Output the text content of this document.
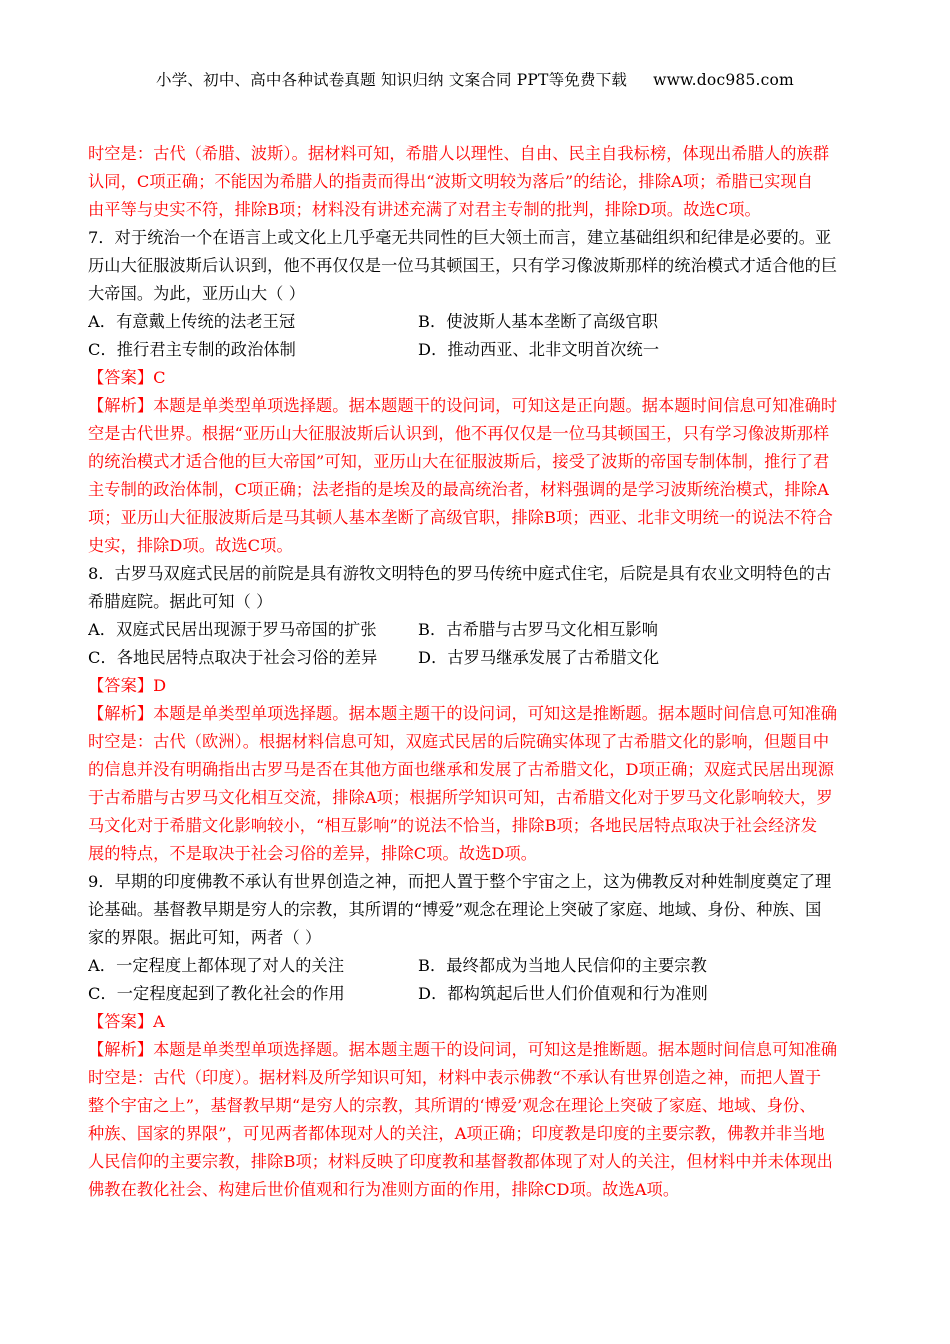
小学、初中、高中各种试卷真题 知识归纳 文案合同 PPT等免费下载 www.doc985.com
时空是：古代（希腊、波斯）。据材料可知，希腊人以理性、自由、民主自我标榜，体现出希腊人的族群
认同，C项正确；不能因为希腊人的指责而得出“波斯文明较为落后”的结论，排除A项；希腊已实现自
由平等与史实不符，排除B项；材料没有讲述充满了对君主专制的批判，排除D项。故选C项。
7．对于统治一个在语言上或文化上几乎毫无共同性的巨大领土而言，建立基础组织和纪律是必要的。亚
历山大征服波斯后认识到，他不再仅仅是一位马其顿国王，只有学习像波斯那样的统治模式才适合他的巨
大帝国。为此，亚历山大（ ）
A．有意戴上传统的法老王冠	B．使波斯人基本垄断了高级官职
C．推行君主专制的政治体制	D．推动西亚、北非文明首次统一
【答案】C
【解析】本题是单类型单项选择题。据本题题干的设问词，可知这是正向题。据本题时间信息可知准确时
空是古代世界。根据“亚历山大征服波斯后认识到，他不再仅仅是一位马其顿国王，只有学习像波斯那样
的统治模式才适合他的巨大帝国”可知，亚历山大在征服波斯后，接受了波斯的帝国专制体制，推行了君
主专制的政治体制，C项正确；法老指的是埃及的最高统治者，材料强调的是学习波斯统治模式，排除A
项；亚历山大征服波斯后是马其顿人基本垄断了高级官职，排除B项；西亚、北非文明统一的说法不符合
史实，排除D项。故选C项。
8．古罗马双庭式民居的前院是具有游牧文明特色的罗马传统中庭式住宅，后院是具有农业文明特色的古
希腊庭院。据此可知（ ）
A．双庭式民居出现源于罗马帝国的扩张	B．古希腊与古罗马文化相互影响
C．各地民居特点取决于社会习俗的差异	D．古罗马继承发展了古希腊文化
【答案】D
【解析】本题是单类型单项选择题。据本题主题干的设问词，可知这是推断题。据本题时间信息可知准确
时空是：古代（欧洲）。根据材料信息可知，双庭式民居的后院确实体现了古希腊文化的影响，但题目中
的信息并没有明确指出古罗马是否在其他方面也继承和发展了古希腊文化，D项正确；双庭式民居出现源
于古希腊与古罗马文化相互交流，排除A项；根据所学知识可知，古希腊文化对于罗马文化影响较大，罗
马文化对于希腊文化影响较小，“相互影响”的说法不恰当，排除B项；各地民居特点取决于社会经济发
展的特点，不是取决于社会习俗的差异，排除C项。故选D项。
9．早期的印度佛教不承认有世界创造之神，而把人置于整个宇宙之上，这为佛教反对种姓制度奠定了理
论基础。基督教早期是穷人的宗教，其所谓的“博爱”观念在理论上突破了家庭、地域、身份、种族、国
家的界限。据此可知，两者（ ）
A．一定程度上都体现了对人的关注	B．最终都成为当地人民信仰的主要宗教
C．一定程度起到了教化社会的作用	D．都构筑起后世人们价值观和行为准则
【答案】A
【解析】本题是单类型单项选择题。据本题主题干的设问词，可知这是推断题。据本题时间信息可知准确
时空是：古代（印度）。据材料及所学知识可知，材料中表示佛教“不承认有世界创造之神，而把人置于
整个宇宙之上”，基督教早期“是穷人的宗教，其所谓的‘博爱’观念在理论上突破了家庭、地域、身份、
种族、国家的界限”，可见两者都体现对人的关注，A项正确；印度教是印度的主要宗教，佛教并非当地
人民信仰的主要宗教，排除B项；材料反映了印度教和基督教都体现了对人的关注，但材料中并未体现出
佛教在教化社会、构建后世价值观和行为准则方面的作用，排除CD项。故选A项。
